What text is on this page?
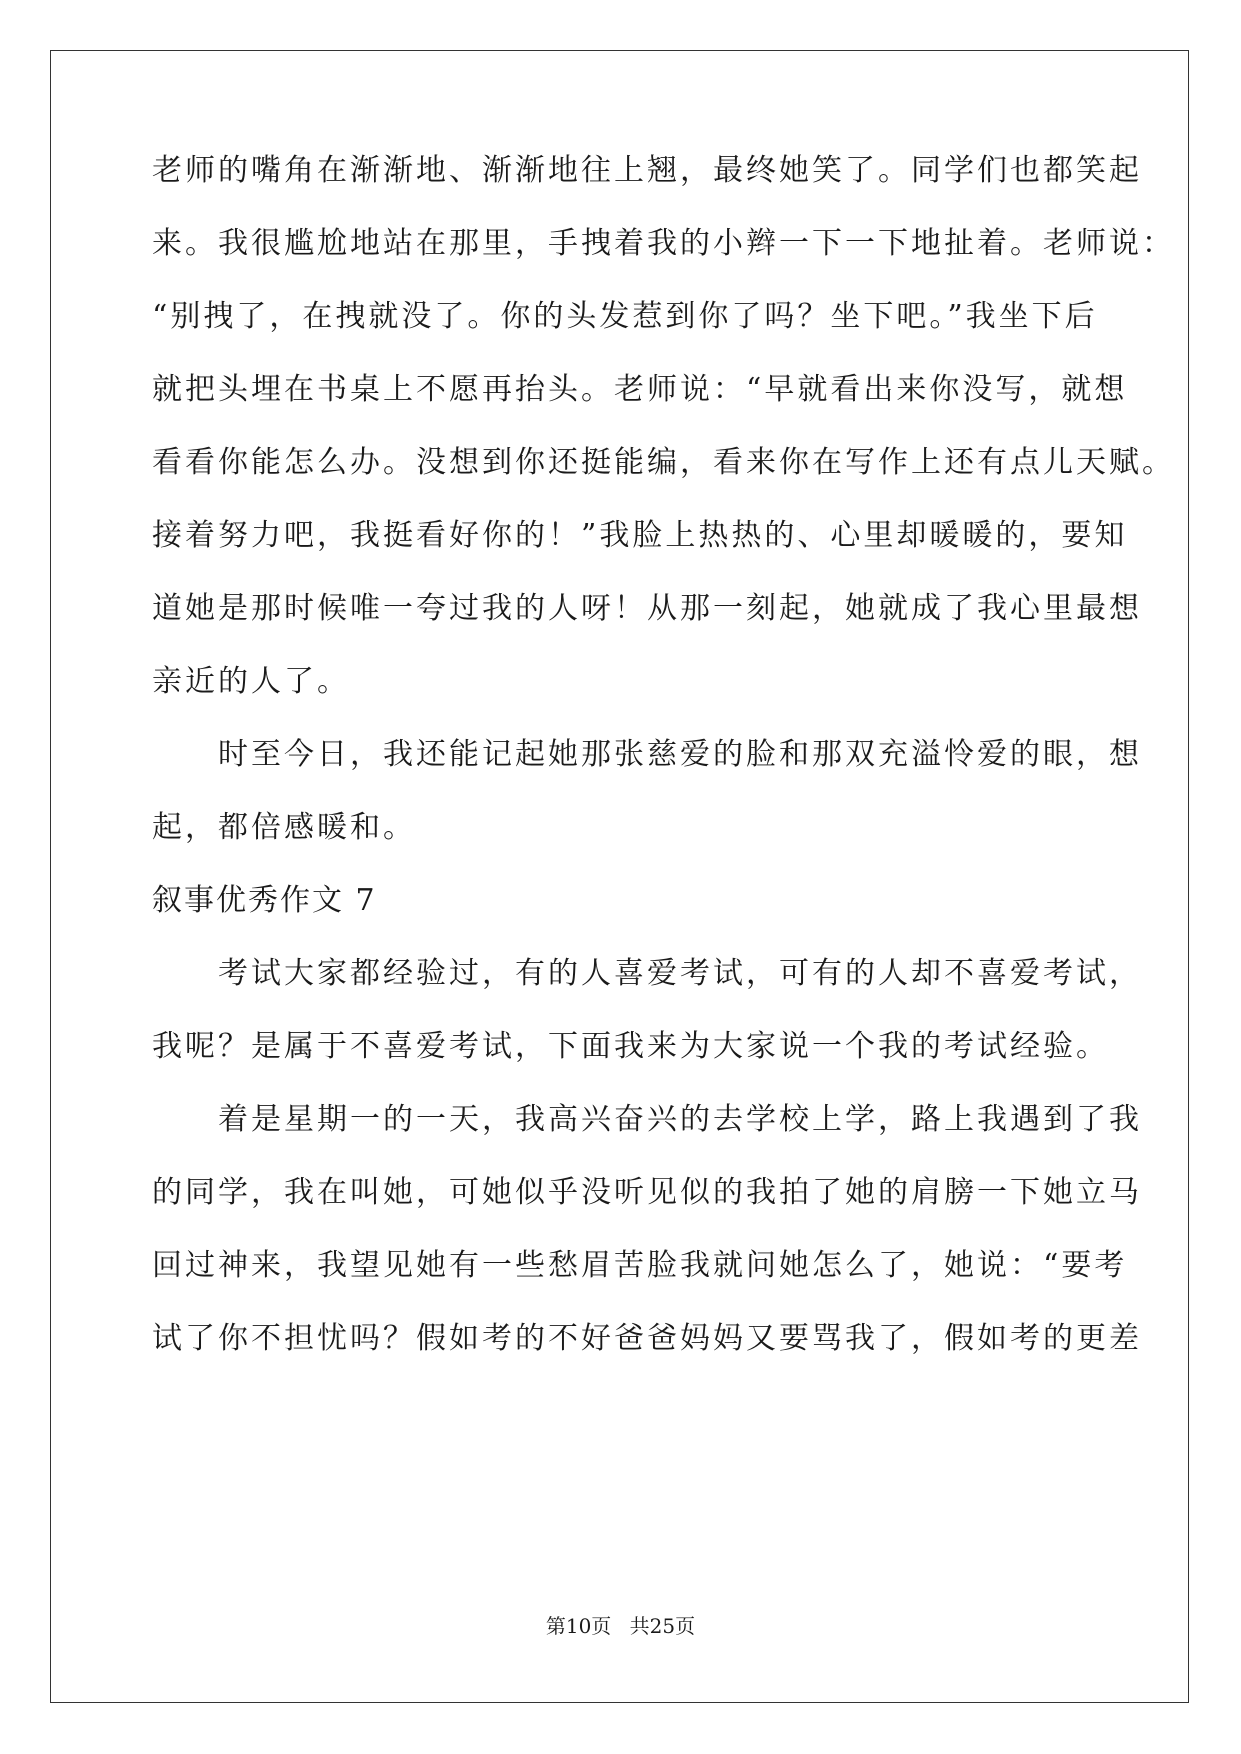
老师的嘴角在渐渐地、渐渐地往上翘，最终她笑了。同学们也都笑起
来。我很尴尬地站在那里，手拽着我的小辫一下一下地扯着。老师说：
“别拽了，在拽就没了。你的头发惹到你了吗？坐下吧。”我坐下后
就把头埋在书桌上不愿再抬头。老师说：“早就看出来你没写，就想
看看你能怎么办。没想到你还挺能编，看来你在写作上还有点儿天赋。
接着努力吧，我挺看好你的！”我脸上热热的、心里却暖暖的，要知
道她是那时候唯一夸过我的人呀！从那一刻起，她就成了我心里最想
亲近的人了。
　　时至今日，我还能记起她那张慈爱的脸和那双充溢怜爱的眼，想
起，都倍感暖和。
叙事优秀作文 7
　　考试大家都经验过，有的人喜爱考试，可有的人却不喜爱考试，
我呢？是属于不喜爱考试，下面我来为大家说一个我的考试经验。
　　着是星期一的一天，我高兴奋兴的去学校上学，路上我遇到了我
的同学，我在叫她，可她似乎没听见似的我拍了她的肩膀一下她立马
回过神来，我望见她有一些愁眉苦脸我就问她怎么了，她说：“要考
试了你不担忧吗？假如考的不好爸爸妈妈又要骂我了，假如考的更差
第10页 共25页
